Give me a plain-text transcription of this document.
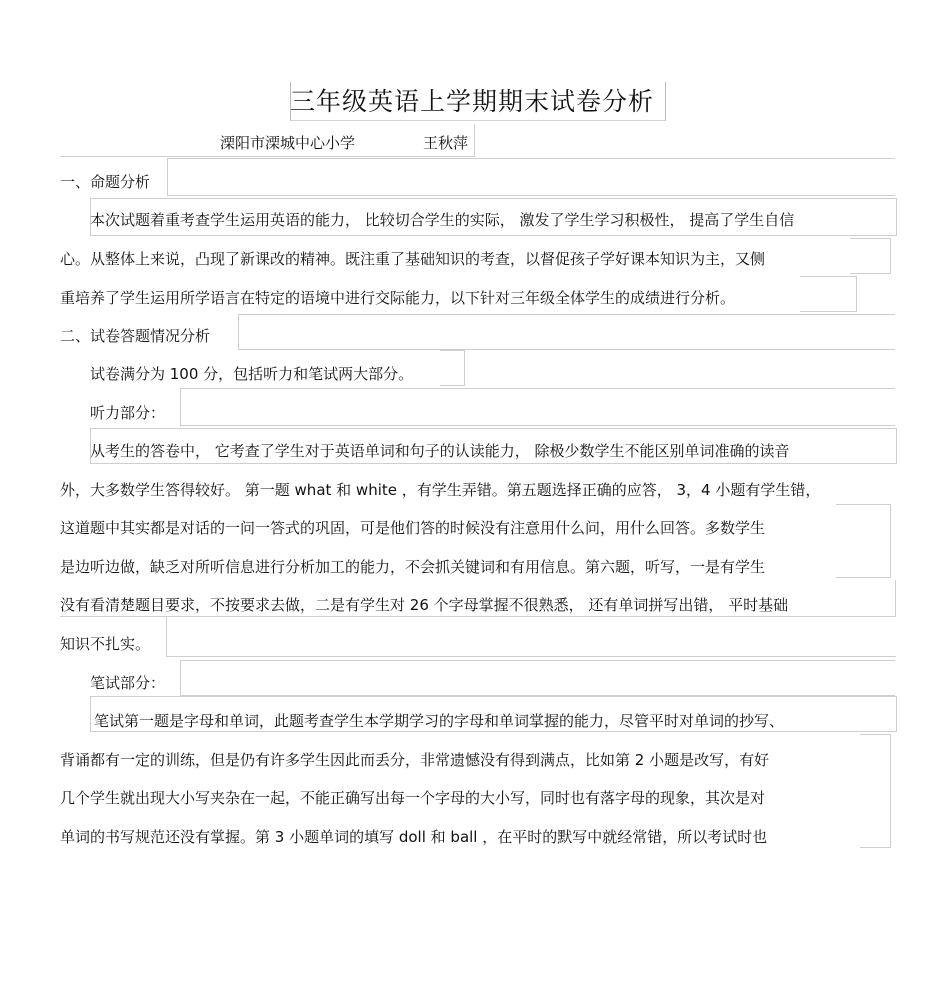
三年级英语上学期期末试卷分析
溧阳市溧城中心小学	王秋萍
一、命题分析
本次试题着重考查学生运用英语的能力， 比较切合学生的实际， 激发了学生学习积极性， 提高了学生自信
心。从整体上来说，凸现了新课改的精神。既注重了基础知识的考查，以督促孩子学好课本知识为主，又侧
重培养了学生运用所学语言在特定的语境中进行交际能力，以下针对三年级全体学生的成绩进行分析。
二、试卷答题情况分析
试卷满分为 100 分，包括听力和笔试两大部分。
听力部分：
从考生的答卷中， 它考查了学生对于英语单词和句子的认读能力， 除极少数学生不能区别单词准确的读音
外，大多数学生答得较好。 第一题 what 和 white ，有学生弄错。第五题选择正确的应答， 3，4 小题有学生错，
这道题中其实都是对话的一问一答式的巩固，可是他们答的时候没有注意用什么问，用什么回答。多数学生
是边听边做，缺乏对所听信息进行分析加工的能力，不会抓关键词和有用信息。第六题，听写，一是有学生
没有看清楚题目要求，不按要求去做，二是有学生对 26 个字母掌握不很熟悉， 还有单词拼写出错， 平时基础
知识不扎实。
笔试部分：
笔试第一题是字母和单词，此题考查学生本学期学习的字母和单词掌握的能力，尽管平时对单词的抄写、
背诵都有一定的训练，但是仍有许多学生因此而丢分，非常遗憾没有得到满点，比如第 2 小题是改写，有好
几个学生就出现大小写夹杂在一起，不能正确写出每一个字母的大小写，同时也有落字母的现象，其次是对
单词的书写规范还没有掌握。第 3 小题单词的填写 doll 和 ball ，在平时的默写中就经常错，所以考试时也
